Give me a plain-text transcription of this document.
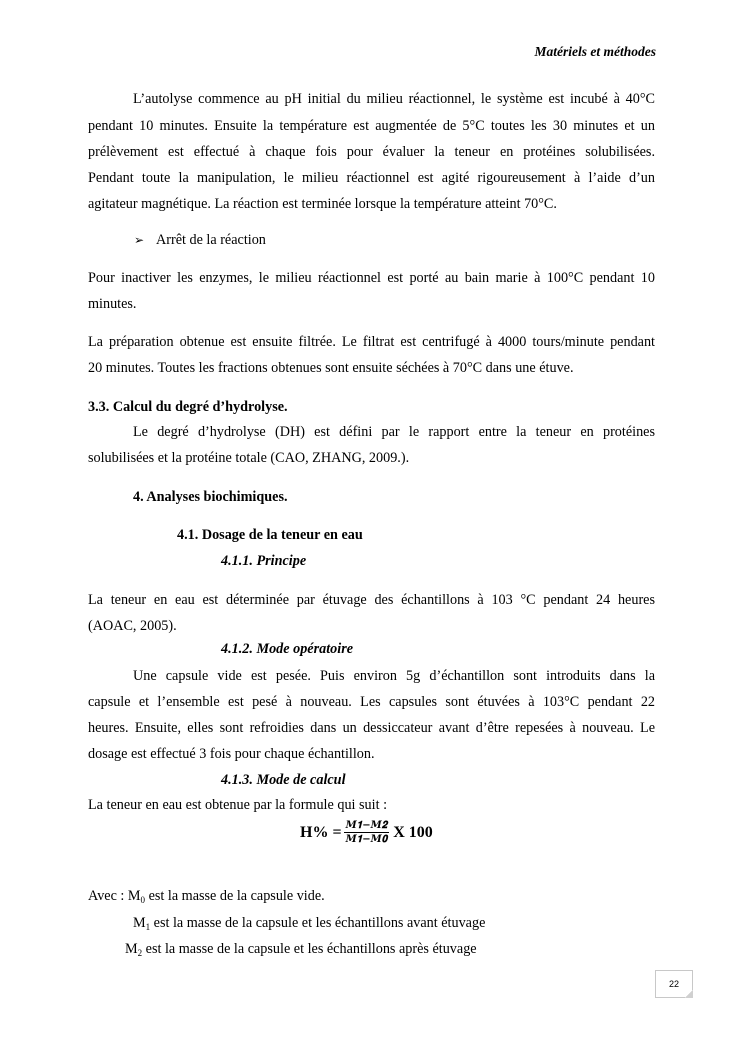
Matériels et méthodes
L’autolyse commence au pH initial du milieu réactionnel, le système est incubé à 40°C
pendant 10 minutes. Ensuite la température est augmentée de 5°C toutes les 30 minutes et un
prélèvement est effectué à chaque fois pour évaluer la teneur en protéines solubilisées.
Pendant toute la manipulation, le milieu réactionnel est agité rigoureusement à l’aide d’un
agitateur magnétique. La réaction est terminée lorsque la température atteint 70°C.
➢ Arrêt de la réaction
Pour inactiver les enzymes, le milieu réactionnel est porté au bain marie à 100°C pendant 10
minutes.
La préparation obtenue est ensuite filtrée. Le filtrat est centrifugé à 4000 tours/minute pendant
20 minutes. Toutes les fractions obtenues sont ensuite séchées à 70°C dans une étuve.
3.3. Calcul du degré d’hydrolyse.
Le degré d’hydrolyse (DH) est défini par le rapport entre la teneur en protéines
solubilisées et la protéine totale (CAO, ZHANG, 2009.).
4. Analyses biochimiques.
4.1. Dosage de la teneur en eau
4.1.1. Principe
La teneur en eau est déterminée par étuvage des échantillons à 103 °C pendant 24 heures
(AOAC, 2005).
4.1.2. Mode opératoire
Une capsule vide est pesée. Puis environ 5g d’échantillon sont introduits dans la
capsule et l’ensemble est pesé à nouveau. Les capsules sont étuvées à 103°C pendant 22
heures. Ensuite, elles sont refroidies dans un dessiccateur avant d’être repesées à nouveau. Le
dosage est effectué 3 fois pour chaque échantillon.
4.1.3. Mode de calcul
La teneur en eau est obtenue par la formule qui suit :
$H\% = \frac{\text{𝑴𝟏−𝑴𝟐}}{\text{𝑴𝟏−𝑴𝟎}}$ X 100
Avec : $M_0$ est la masse de la capsule vide.
$M_1$ est la masse de la capsule et les échantillons avant étuvage
$M_2$ est la masse de la capsule et les échantillons après étuvage
22
